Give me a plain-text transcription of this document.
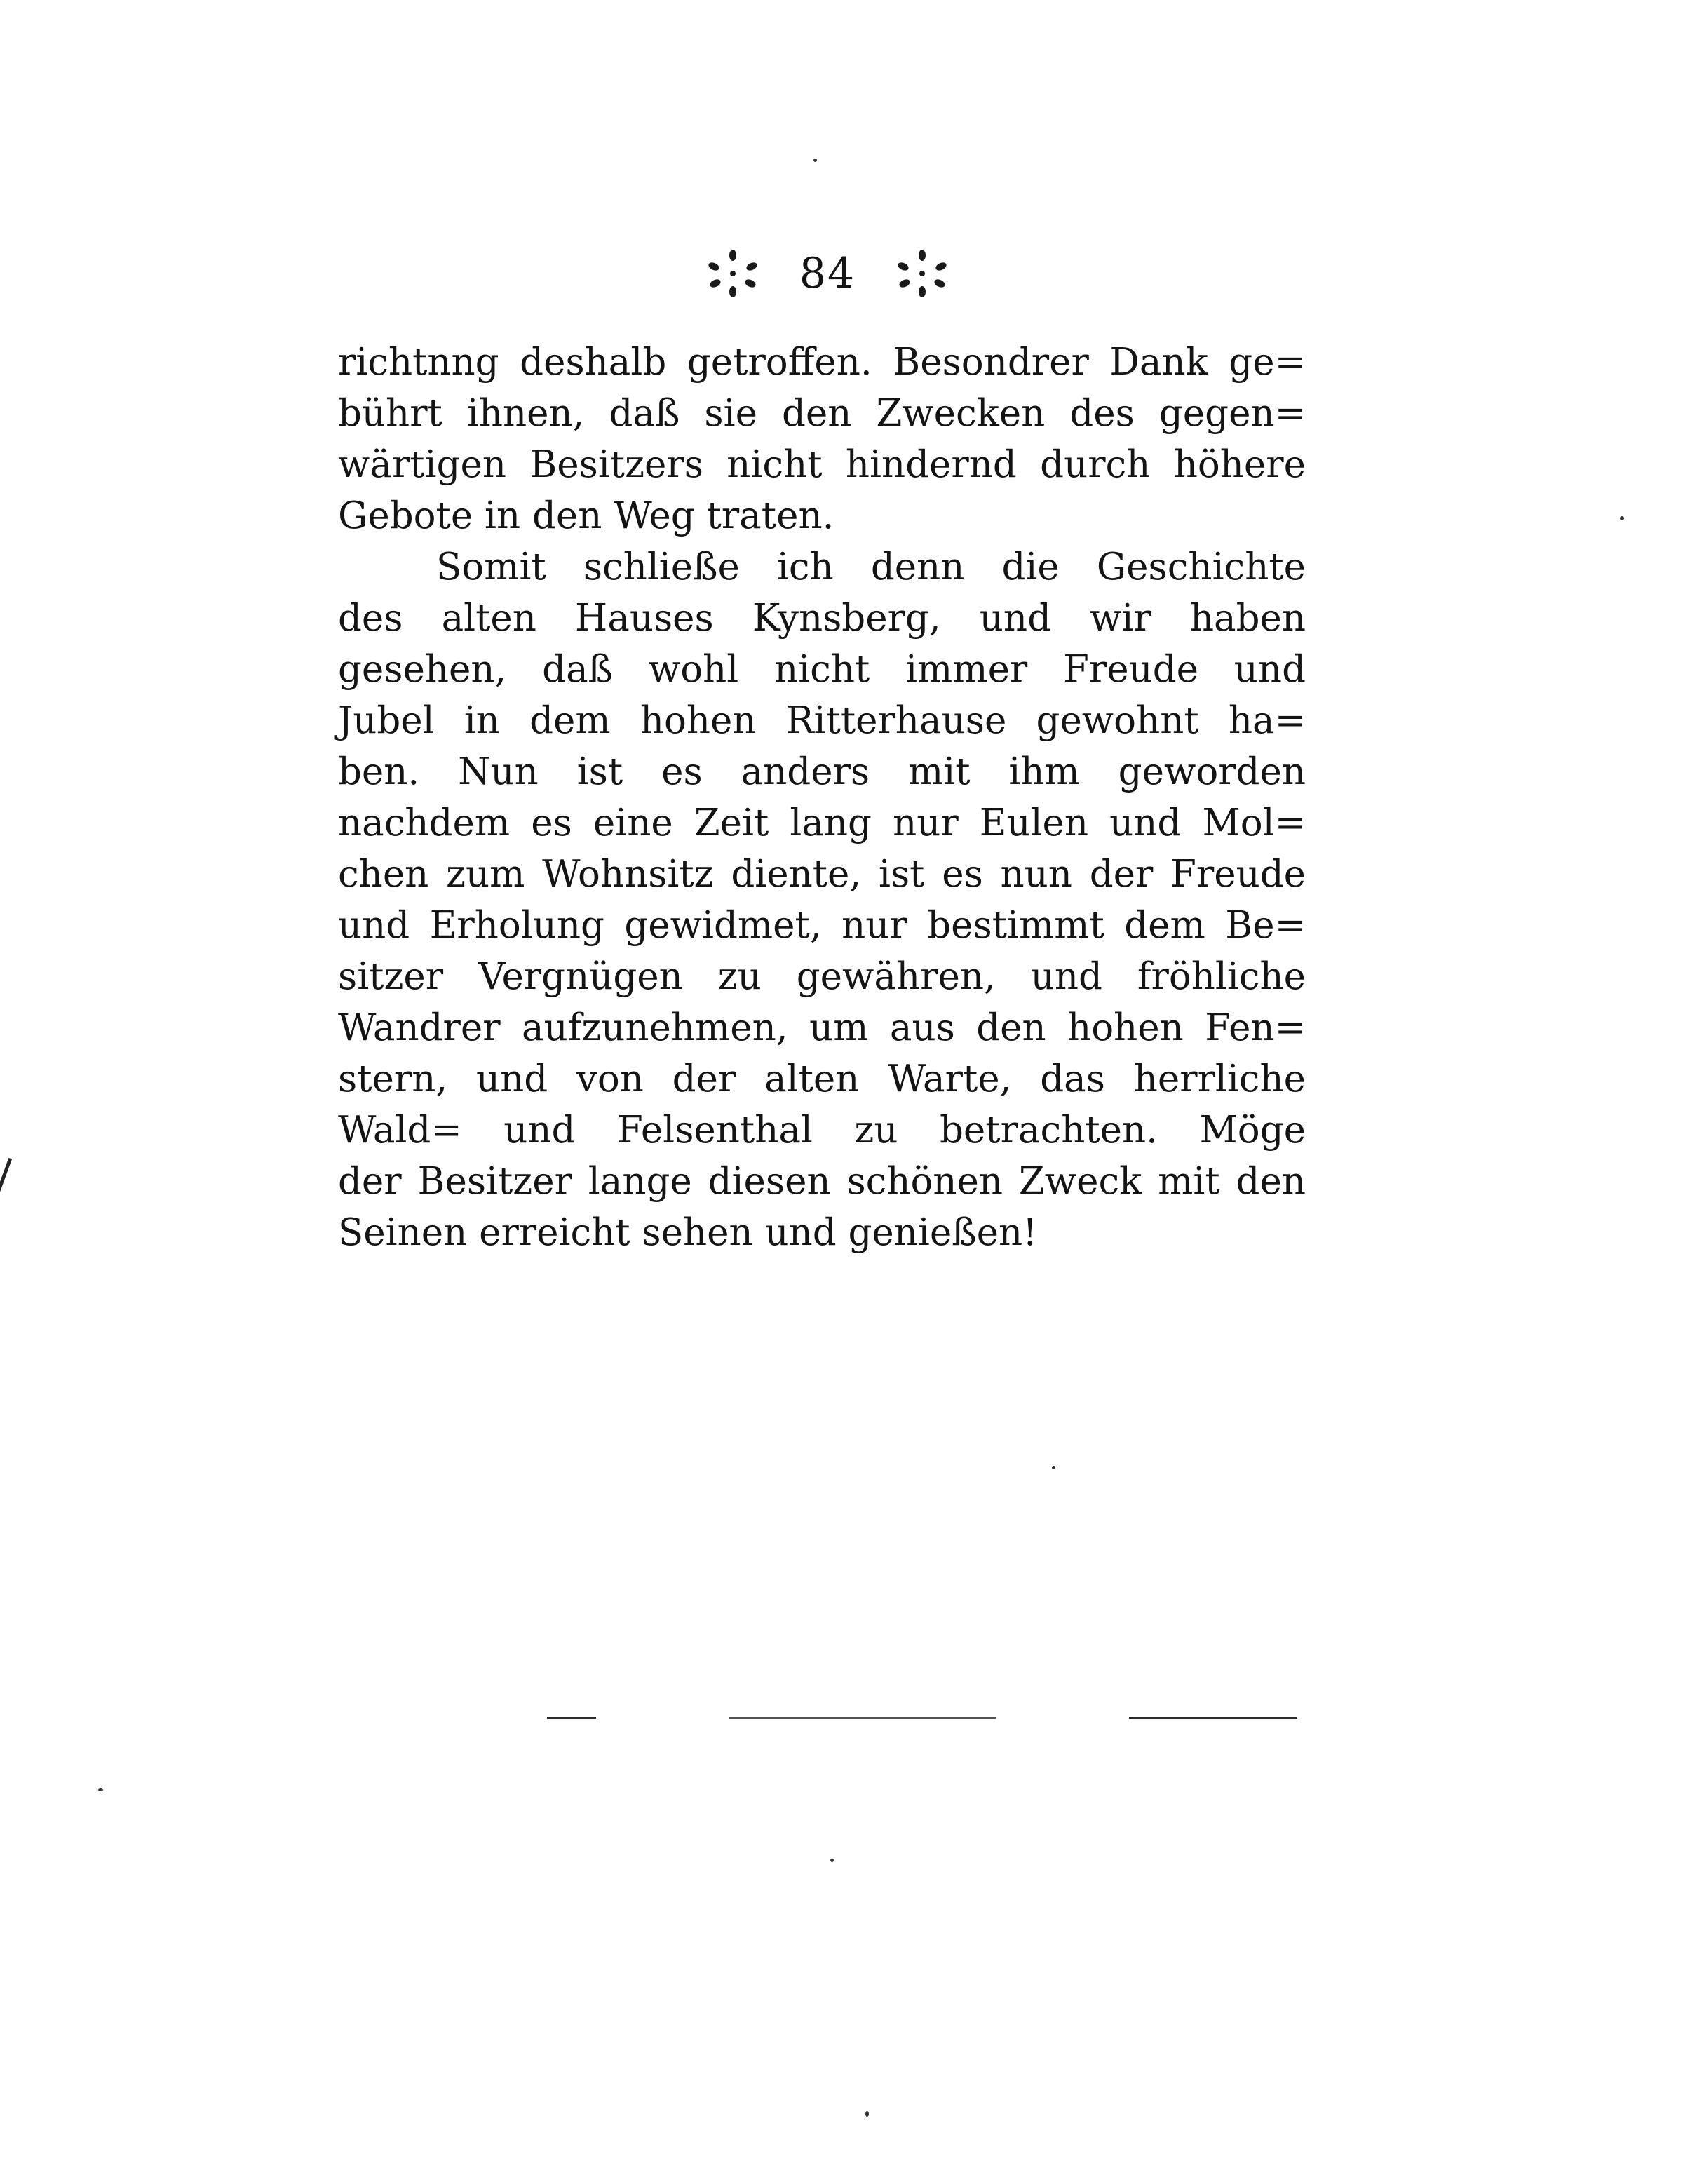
84
richtnng deshalb getroffen. Besondrer Dank ge=
bührt ihnen, daß sie den Zwecken des gegen=
wärtigen Besitzers nicht hindernd durch höhere
Gebote in den Weg traten.
Somit schließe ich denn die Geschichte
des alten Hauses Kynsberg, und wir haben
gesehen, daß wohl nicht immer Freude und
Jubel in dem hohen Ritterhause gewohnt ha=
ben. Nun ist es anders mit ihm geworden
nachdem es eine Zeit lang nur Eulen und Mol=
chen zum Wohnsitz diente, ist es nun der Freude
und Erholung gewidmet, nur bestimmt dem Be=
sitzer Vergnügen zu gewähren, und fröhliche
Wandrer aufzunehmen, um aus den hohen Fen=
stern, und von der alten Warte, das herrliche
Wald= und Felsenthal zu betrachten. Möge
der Besitzer lange diesen schönen Zweck mit den
Seinen erreicht sehen und genießen!
